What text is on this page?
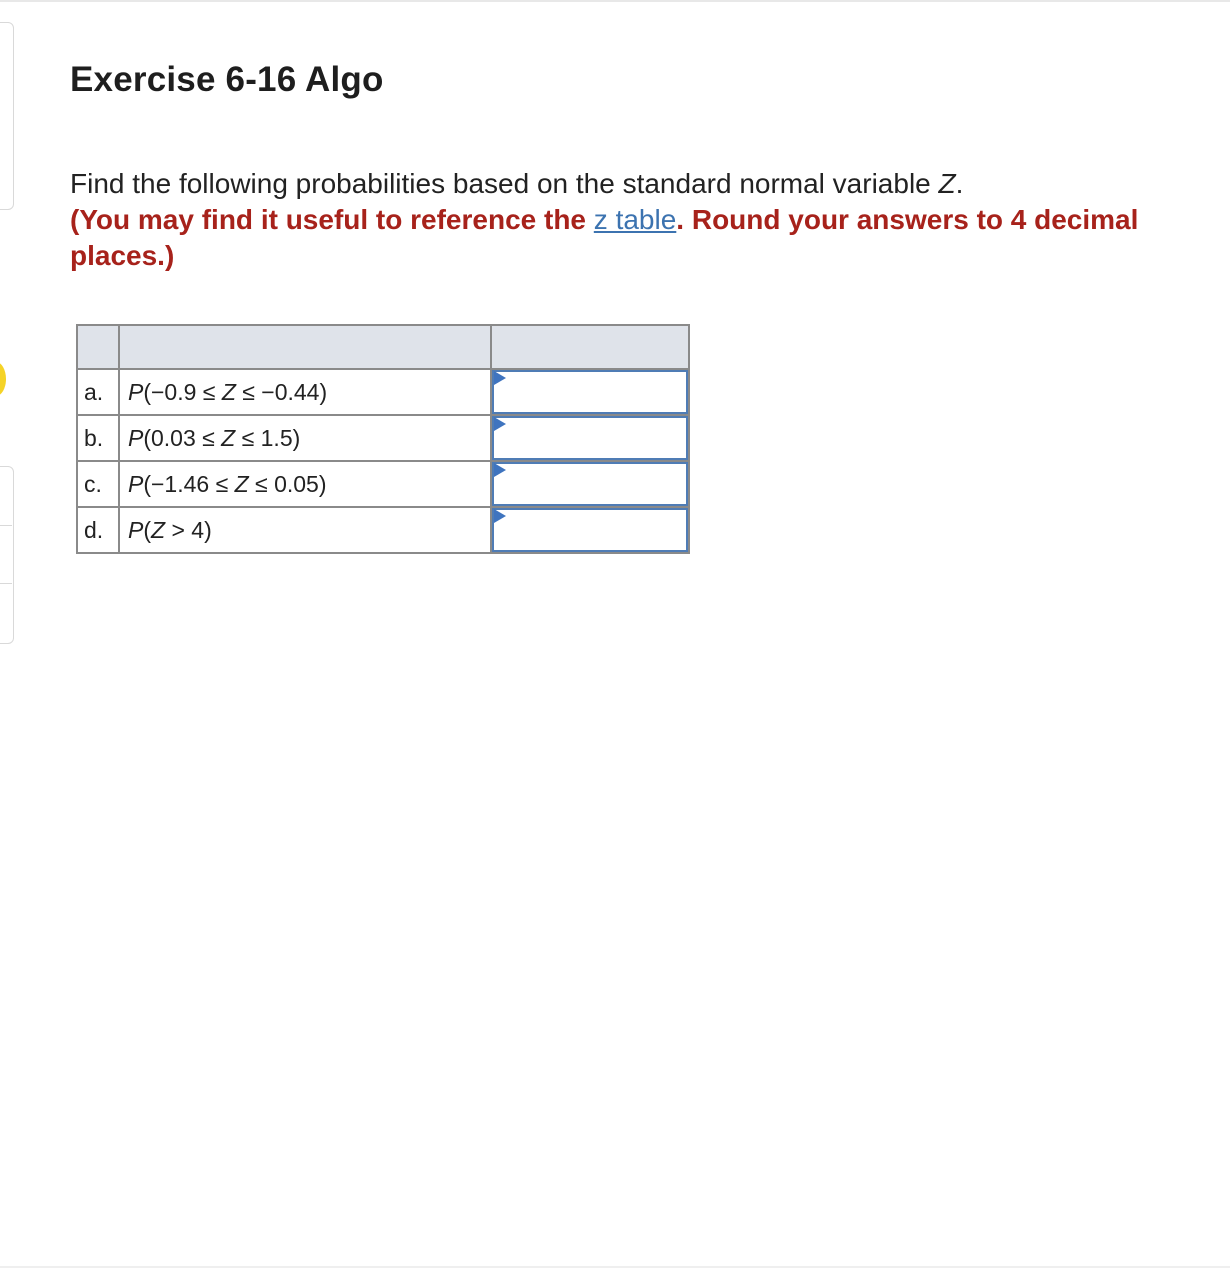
Exercise 6-16 Algo
Find the following probabilities based on the standard normal variable Z.
(You may find it useful to reference the z table. Round your answers to 4 decimal places.)

a.	P(−0.9 ≤ Z ≤ −0.44)	

b.	P(0.03 ≤ Z ≤ 1.5)	

c.	P(−1.46 ≤ Z ≤ 0.05)	

d.	P(Z > 4)	
